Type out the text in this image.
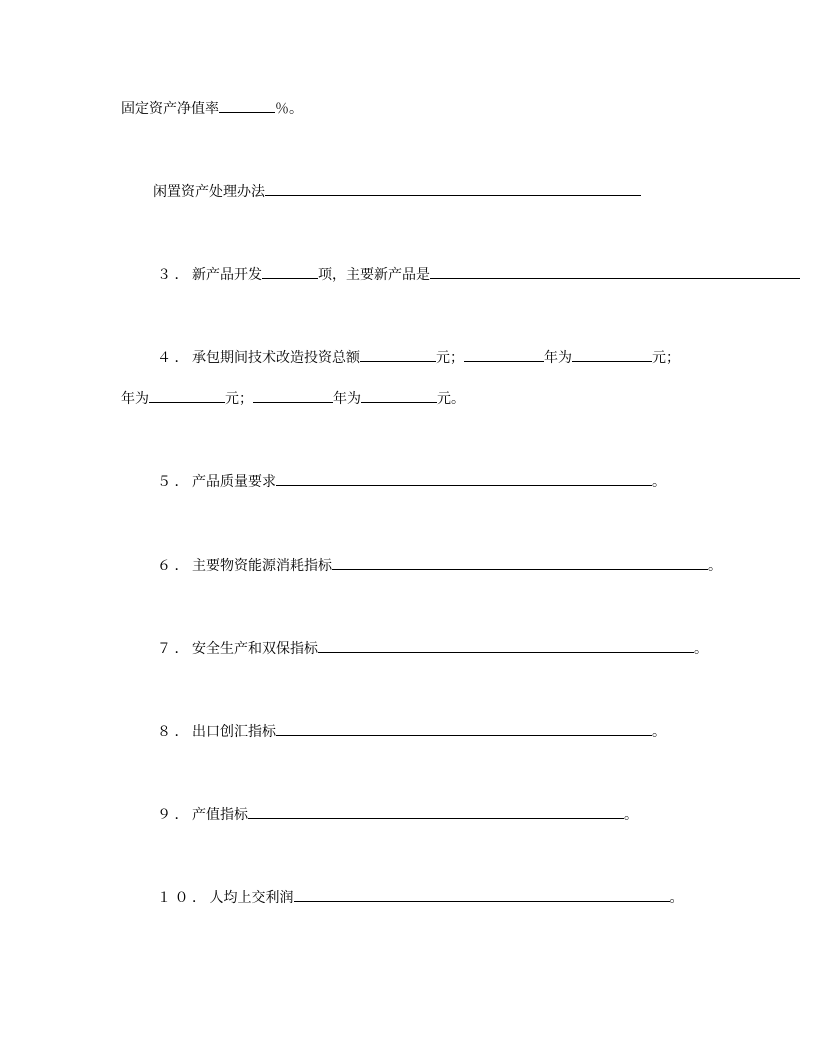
固定资产净值率	％。
闲置资产处理办法
３．新产品开发	项，主要新产品是
４．承包期间技术改造投资总额	元；	年为	元；
年为	元；	年为	元。
５．产品质量要求	。
６．主要物资能源消耗指标	。
７．安全生产和双保指标	。
８．出口创汇指标	。
９．产值指标	。
１０．人均上交利润	。
